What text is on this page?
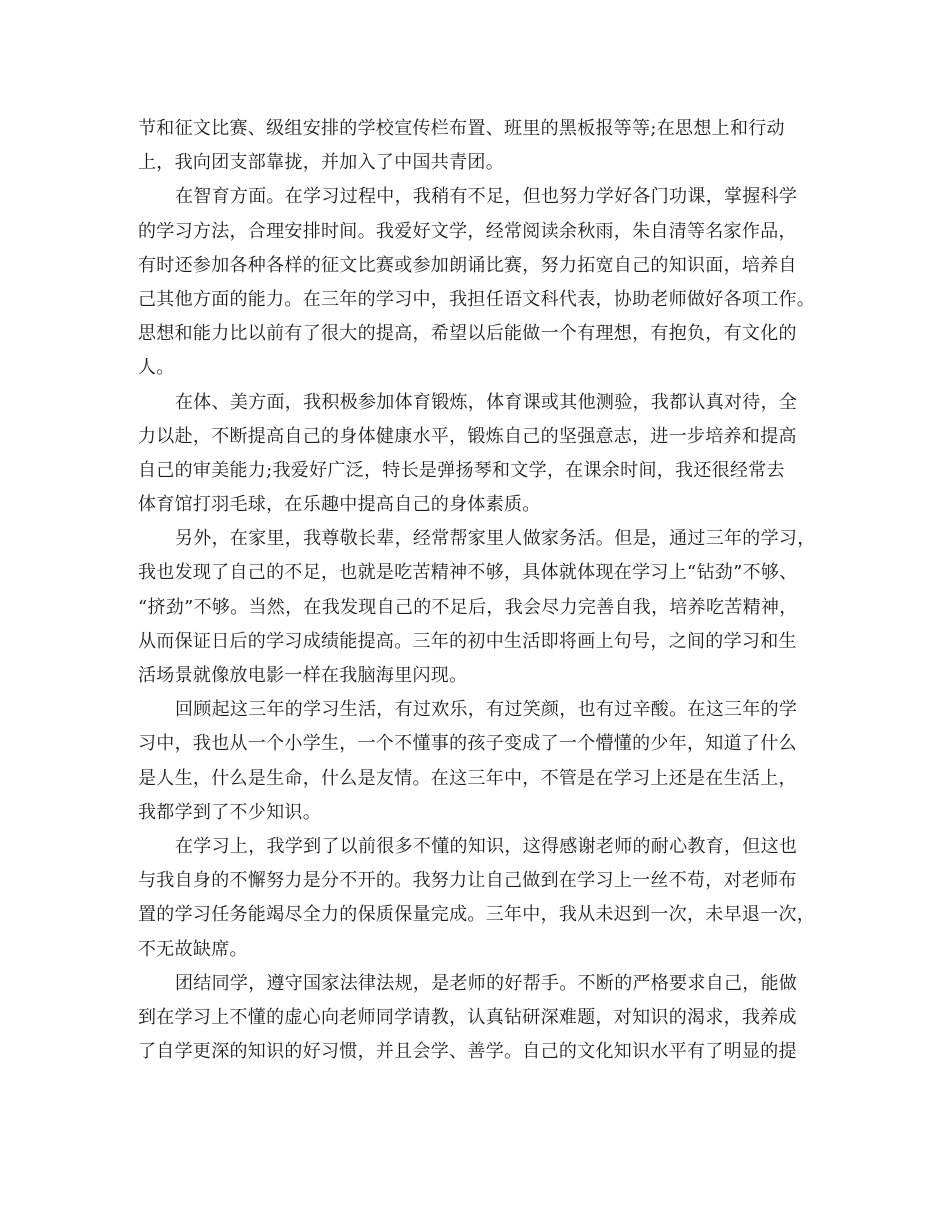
节和征文比赛、级组安排的学校宣传栏布置、班里的黑板报等等;在思想上和行动
上，我向团支部靠拢，并加入了中国共青团。
在智育方面。在学习过程中，我稍有不足，但也努力学好各门功课，掌握科学
的学习方法，合理安排时间。我爱好文学，经常阅读余秋雨，朱自清等名家作品，
有时还参加各种各样的征文比赛或参加朗诵比赛，努力拓宽自己的知识面，培养自
己其他方面的能力。在三年的学习中，我担任语文科代表，协助老师做好各项工作。
思想和能力比以前有了很大的提高，希望以后能做一个有理想，有抱负，有文化的
人。
在体、美方面，我积极参加体育锻炼，体育课或其他测验，我都认真对待，全
力以赴，不断提高自己的身体健康水平，锻炼自己的坚强意志，进一步培养和提高
自己的审美能力;我爱好广泛，特长是弹扬琴和文学，在课余时间，我还很经常去
体育馆打羽毛球，在乐趣中提高自己的身体素质。
另外，在家里，我尊敬长辈，经常帮家里人做家务活。但是，通过三年的学习，
我也发现了自己的不足，也就是吃苦精神不够，具体就体现在学习上“钻劲”不够、
“挤劲”不够。当然，在我发现自己的不足后，我会尽力完善自我，培养吃苦精神，
从而保证日后的学习成绩能提高。三年的初中生活即将画上句号，之间的学习和生
活场景就像放电影一样在我脑海里闪现。
回顾起这三年的学习生活，有过欢乐，有过笑颜，也有过辛酸。在这三年的学
习中，我也从一个小学生，一个不懂事的孩子变成了一个懵懂的少年，知道了什么
是人生，什么是生命，什么是友情。在这三年中，不管是在学习上还是在生活上，
我都学到了不少知识。
在学习上，我学到了以前很多不懂的知识，这得感谢老师的耐心教育，但这也
与我自身的不懈努力是分不开的。我努力让自己做到在学习上一丝不苟，对老师布
置的学习任务能竭尽全力的保质保量完成。三年中，我从未迟到一次，未早退一次，
不无故缺席。
团结同学，遵守国家法律法规，是老师的好帮手。不断的严格要求自己，能做
到在学习上不懂的虚心向老师同学请教，认真钻研深难题，对知识的渴求，我养成
了自学更深的知识的好习惯，并且会学、善学。自己的文化知识水平有了明显的提
